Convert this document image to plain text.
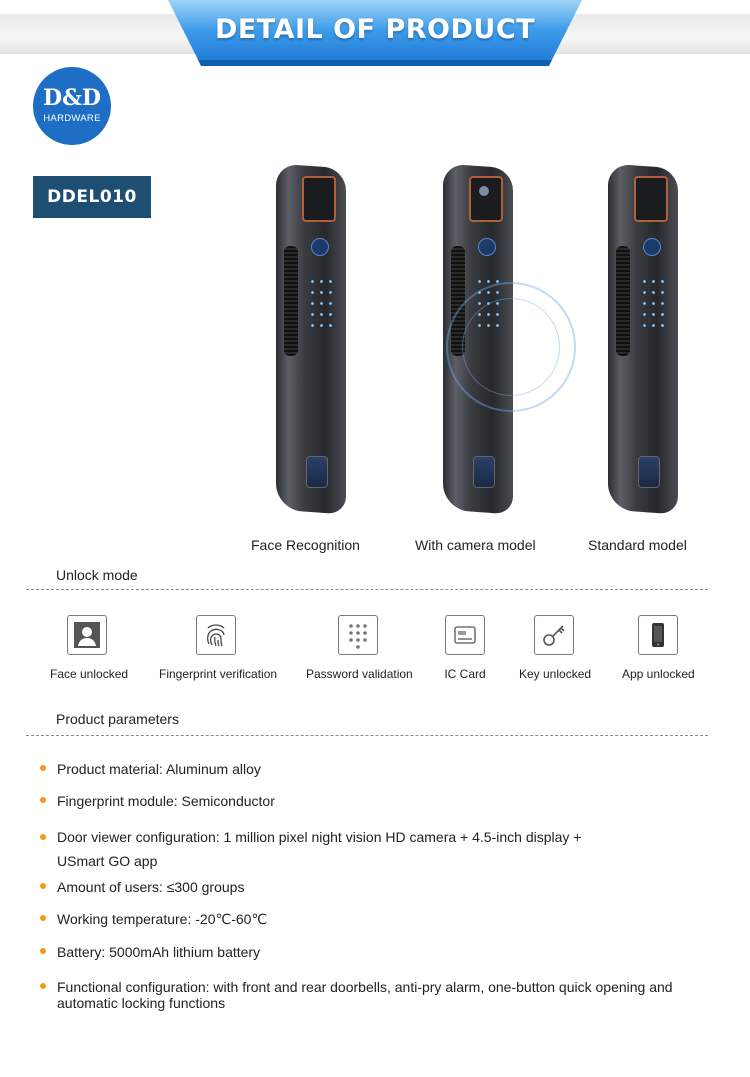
DETAIL OF PRODUCT
D&D
HARDWARE
DDEL010
Face Recognition	With camera model	Standard model
Unlock mode
Face unlocked	Fingerprint verification Password validation	IC Card	Key unlocked	App unlocked
Product parameters
Product material: Aluminum alloy
Fingerprint module: Semiconductor
Door viewer configuration: 1 million pixel night vision HD camera + 4.5-inch display + USmart GO app
Amount of users: ≤300 groups
Working temperature: -20℃-60℃
Battery: 5000mAh lithium battery
Functional configuration: with front and rear doorbells, anti-pry alarm, one-button quick opening and automatic locking functions
